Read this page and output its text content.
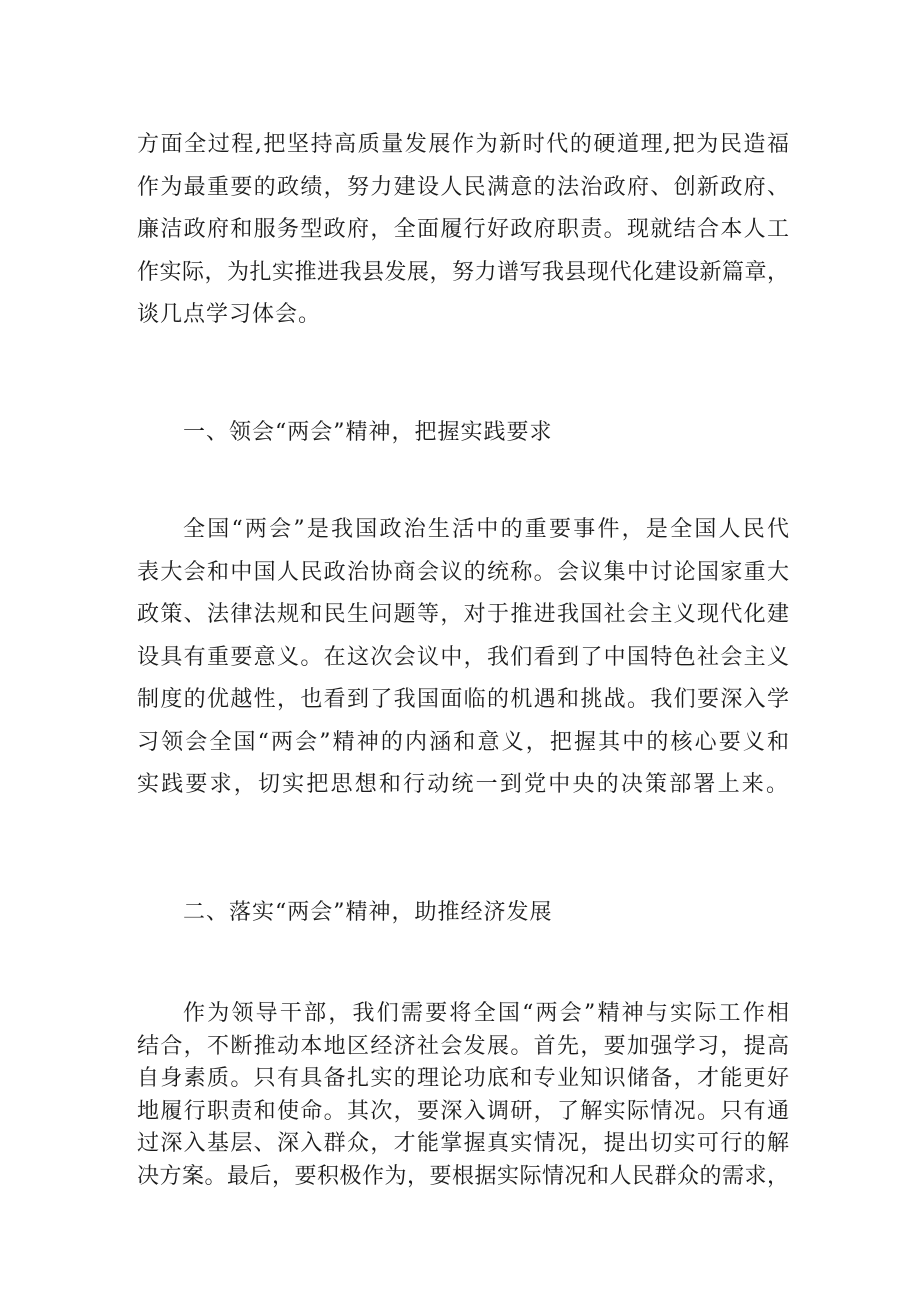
方面全过程,把坚持高质量发展作为新时代的硬道理,把为民造福
作为最重要的政绩，努力建设人民满意的法治政府、创新政府、
廉洁政府和服务型政府，全面履行好政府职责。现就结合本人工
作实际，为扎实推进我县发展，努力谱写我县现代化建设新篇章，
谈几点学习体会。

一、领会“两会”精神，把握实践要求

全国“两会”是我国政治生活中的重要事件，是全国人民代
表大会和中国人民政治协商会议的统称。会议集中讨论国家重大
政策、法律法规和民生问题等，对于推进我国社会主义现代化建
设具有重要意义。在这次会议中，我们看到了中国特色社会主义
制度的优越性，也看到了我国面临的机遇和挑战。我们要深入学
习领会全国“两会”精神的内涵和意义，把握其中的核心要义和
实践要求，切实把思想和行动统一到党中央的决策部署上来。

二、落实“两会”精神，助推经济发展

作为领导干部，我们需要将全国“两会”精神与实际工作相
结合，不断推动本地区经济社会发展。首先，要加强学习，提高
自身素质。只有具备扎实的理论功底和专业知识储备，才能更好
地履行职责和使命。其次，要深入调研，了解实际情况。只有通
过深入基层、深入群众，才能掌握真实情况，提出切实可行的解
决方案。最后，要积极作为，要根据实际情况和人民群众的需求，
